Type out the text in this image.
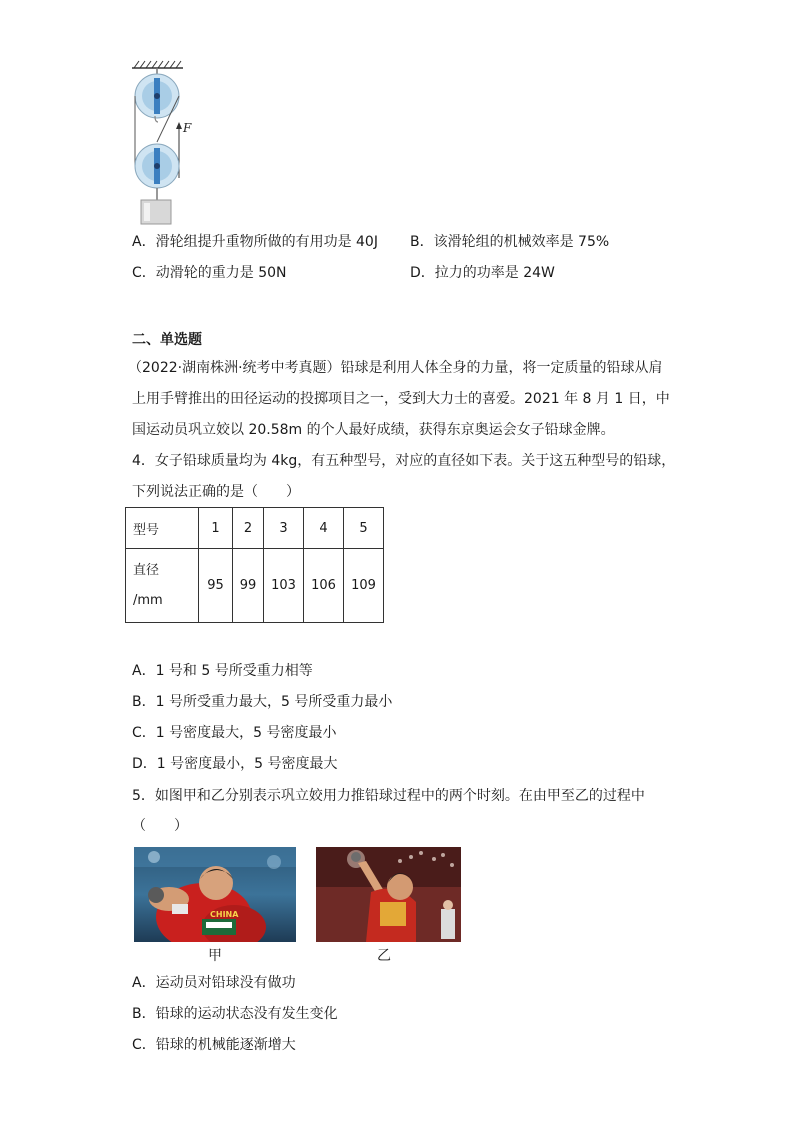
F
A．滑轮组提升重物所做的有用功是 40J B．该滑轮组的机械效率是 75%
C．动滑轮的重力是 50N	D．拉力的功率是 24W
二、单选题
（2022·湖南株洲·统考中考真题）铅球是利用人体全身的力量，将一定质量的铅球从肩
上用手臂推出的田径运动的投掷项目之一，受到大力士的喜爱。2021 年 8 月 1 日，中
国运动员巩立姣以 20.58m 的个人最好成绩，获得东京奥运会女子铅球金牌。
4．女子铅球质量均为 4kg，有五种型号，对应的直径如下表。关于这五种型号的铅球，
下列说法正确的是（　　）
型号	1	2	3	4	5

直径
/mm	95	99	103	106	109
A．1 号和 5 号所受重力相等
B．1 号所受重力最大，5 号所受重力最小
C．1 号密度最大，5 号密度最小
D．1 号密度最小，5 号密度最大
5．如图甲和乙分别表示巩立姣用力推铅球过程中的两个时刻。在由甲至乙的过程中
（　　）
CHINA
甲	乙
A．运动员对铅球没有做功
B．铅球的运动状态没有发生变化
C．铅球的机械能逐渐增大
